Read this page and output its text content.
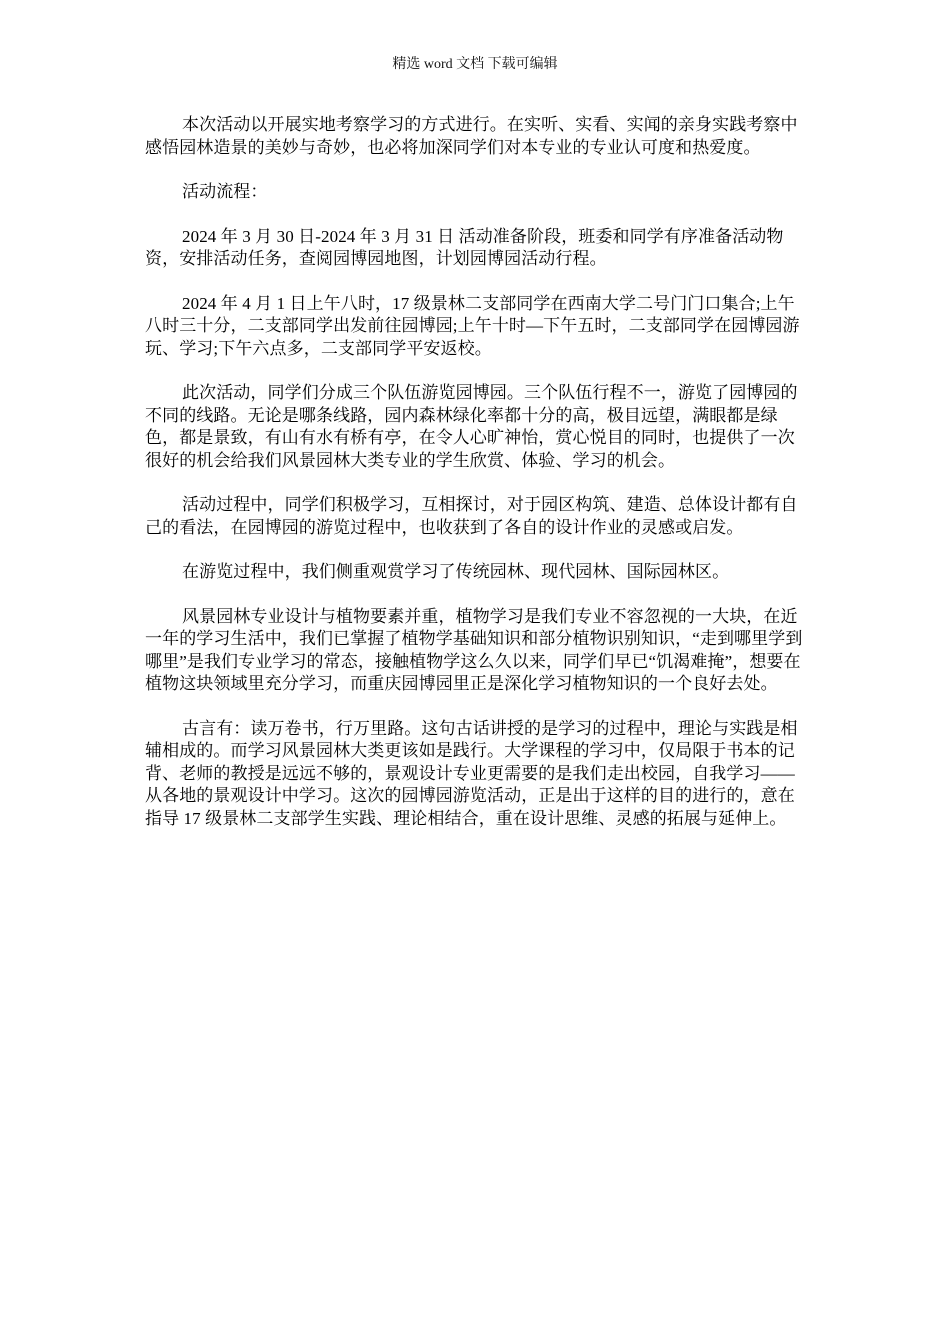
精选 word 文档 下载可编辑

本次活动以开展实地考察学习的方式进行。在实听、实看、实闻的亲身实践考察中感悟园林造景的美妙与奇妙，也必将加深同学们对本专业的专业认可度和热爱度。

活动流程：

2024 年 3 月 30 日-2024 年 3 月 31 日 活动准备阶段，班委和同学有序准备活动物资，安排活动任务，查阅园博园地图，计划园博园活动行程。

2024 年 4 月 1 日上午八时，17 级景林二支部同学在西南大学二号门门口集合;上午八时三十分，二支部同学出发前往园博园;上午十时—下午五时，二支部同学在园博园游玩、学习;下午六点多，二支部同学平安返校。

此次活动，同学们分成三个队伍游览园博园。三个队伍行程不一，游览了园博园的不同的线路。无论是哪条线路，园内森林绿化率都十分的高，极目远望，满眼都是绿色，都是景致，有山有水有桥有亭，在令人心旷神怡，赏心悦目的同时，也提供了一次很好的机会给我们风景园林大类专业的学生欣赏、体验、学习的机会。

活动过程中，同学们积极学习，互相探讨，对于园区构筑、建造、总体设计都有自己的看法，在园博园的游览过程中，也收获到了各自的设计作业的灵感或启发。

在游览过程中，我们侧重观赏学习了传统园林、现代园林、国际园林区。

风景园林专业设计与植物要素并重，植物学习是我们专业不容忽视的一大块，在近一年的学习生活中，我们已掌握了植物学基础知识和部分植物识别知识，“走到哪里学到哪里”是我们专业学习的常态，接触植物学这么久以来，同学们早已“饥渴难掩”，想要在植物这块领域里充分学习，而重庆园博园里正是深化学习植物知识的一个良好去处。

古言有：读万卷书，行万里路。这句古话讲授的是学习的过程中，理论与实践是相辅相成的。而学习风景园林大类更该如是践行。大学课程的学习中，仅局限于书本的记背、老师的教授是远远不够的，景观设计专业更需要的是我们走出校园，自我学习——从各地的景观设计中学习。这次的园博园游览活动，正是出于这样的目的进行的，意在指导 17 级景林二支部学生实践、理论相结合，重在设计思维、灵感的拓展与延伸上。
